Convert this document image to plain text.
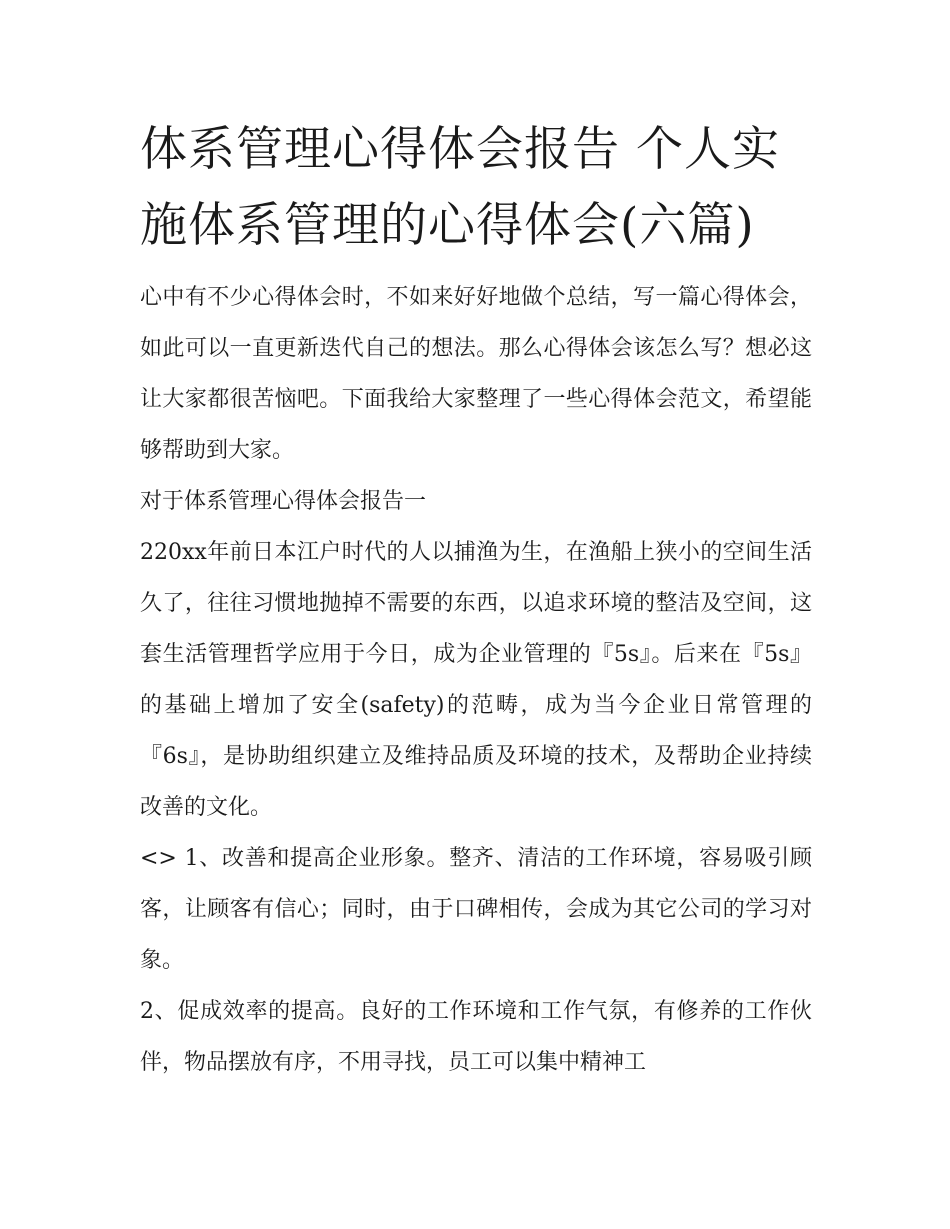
体系管理心得体会报告 个人实施体系管理的心得体会(六篇)

心中有不少心得体会时，不如来好好地做个总结，写一篇心得体会，如此可以一直更新迭代自己的想法。那么心得体会该怎么写？想必这让大家都很苦恼吧。下面我给大家整理了一些心得体会范文，希望能够帮助到大家。

对于体系管理心得体会报告一

220xx年前日本江户时代的人以捕渔为生，在渔船上狭小的空间生活久了，往往习惯地抛掉不需要的东西，以追求环境的整洁及空间，这套生活管理哲学应用于今日，成为企业管理的『5s』。后来在『5s』的基础上增加了安全(safety)的范畴，成为当今企业日常管理的『6s』，是协助组织建立及维持品质及环境的技术，及帮助企业持续改善的文化。

<> 1、改善和提高企业形象。整齐、清洁的工作环境，容易吸引顾客，让顾客有信心；同时，由于口碑相传，会成为其它公司的学习对象。

2、促成效率的提高。良好的工作环境和工作气氛，有修养的工作伙伴，物品摆放有序，不用寻找，员工可以集中精神工
